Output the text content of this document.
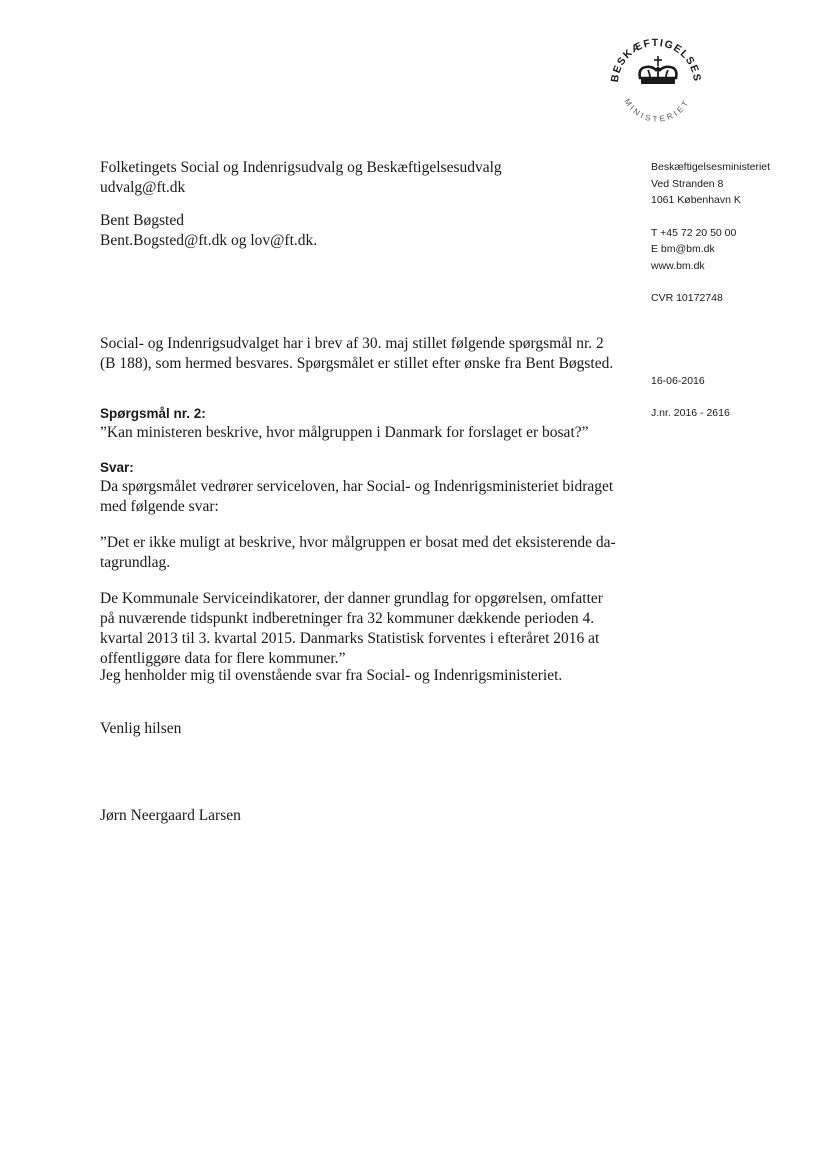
BESKÆFTIGELSES
MINISTERIET
Beskæftigelsesministeriet
Ved Stranden 8
1061 København K
T +45 72 20 50 00
E bm@bm.dk
www.bm.dk
CVR 10172748
16-06-2016
J.nr. 2016 - 2616
Folketingets Social og Indenrigsudvalg og Beskæftigelsesudvalg
udvalg@ft.dk
Bent Bøgsted
Bent.Bogsted@ft.dk og lov@ft.dk.
Social- og Indenrigsudvalget har i brev af 30. maj stillet følgende spørgsmål nr. 2
(B 188), som hermed besvares. Spørgsmålet er stillet efter ønske fra Bent Bøgsted.
Spørgsmål nr. 2:
”Kan ministeren beskrive, hvor målgruppen i Danmark for forslaget er bosat?”
Svar:
Da spørgsmålet vedrører serviceloven, har Social- og Indenrigsministeriet bidraget
med følgende svar:
”Det er ikke muligt at beskrive, hvor målgruppen er bosat med det eksisterende da-
tagrundlag.
De Kommunale Serviceindikatorer, der danner grundlag for opgørelsen, omfatter
på nuværende tidspunkt indberetninger fra 32 kommuner dækkende perioden 4.
kvartal 2013 til 3. kvartal 2015. Danmarks Statistisk forventes i efteråret 2016 at
offentliggøre data for flere kommuner.”
Jeg henholder mig til ovenstående svar fra Social- og Indenrigsministeriet.
Venlig hilsen
Jørn Neergaard Larsen
